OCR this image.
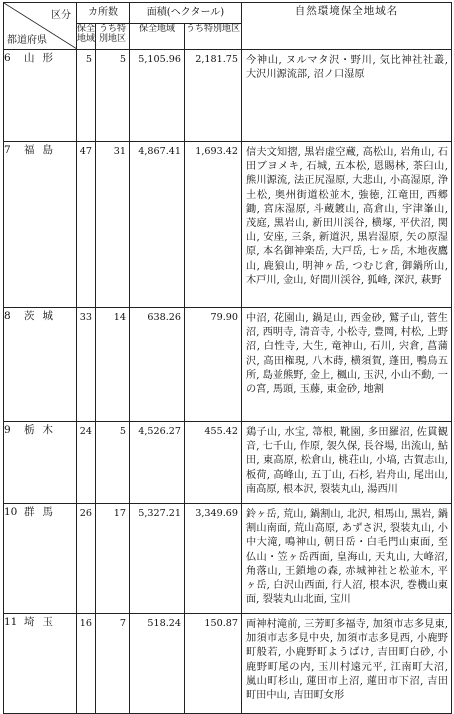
区分
都道府県	カ所数		面積(ヘクタール)		自然環境保全地域名
	保全地域	うち特別地区	保全地域	うち特別地区	
6 山形	5	5	5,105.96	2,181.75	今神山, ヌルマタ沢・野川, 気比神社社叢, 大沢川源流部, 沼ノ口湿原
7 福島	47	31	4,867.41	1,693.42	信夫文知摺, 黒岩虚空蔵, 高松山, 岩角山, 石田ブヨメキ, 石城, 五本松, 恩賜林, 茶臼山, 熊川源流, 法正尻湿原, 大悲山, 小高湿原, 浄土松, 奥州街道松並木, 強徳, 江竜田, 西郷鋤, 宮床湿原, 斗蔵鍍山, 高倉山, 宇津峯山, 茂庭, 黒岩山, 新田川渓谷, 横塚, 平伏沼, 関山, 安座, 三条, 新道沢, 黒岩湿原, 矢の原湿原, 本名御神楽岳, 大戸岳, 七ヶ岳, 木地夜鷹山, 鹿狼山, 明神ヶ岳, つむじ倉, 御鍋所山, 木戸川, 金山, 好間川渓谷, 狐峰, 深沢, 萩野
8 茨城	33	14	638.26	79.90	中沼, 花園山, 鍋足山, 西金砂, 鷲子山, 菅生沼, 西明寺, 清音寺, 小松寺, 豊岡, 村松, 上野沼, 白性寺, 大生, 竜神山, 石川, 宍倉, 菖蒲沢, 高田権現, 八木蒔, 横須賀, 蓬田, 鴨鳥五所, 島並熊野, 金上, 楓山, 玉沢, 小山不動, 一の宮, 馬頭, 玉藤, 東金砂, 地割
9 栃木	24	5	4,526.27	455.42	鶏子山, 水宝, 箒根, 靴園, 多田羅沼, 佐貫観音, 七千山, 作原, 袈久保, 長谷場, 出流山, 鮎田, 東高原, 松倉山, 桃荘山, 小塙, 古賀志山, 板荷, 高峰山, 五丁山, 石杉, 岩舟山, 尾出山, 南高原, 根本沢, 裂装丸山, 湯西川
10 群馬	26	17	5,327.21	3,349.69	鈴ヶ岳, 荒山, 鍋割山, 北沢, 相馬山, 黒岩, 鍋割山南面, 荒山高原, あずさ沢, 裂装丸山, 小中大滝, 鳴神山, 朝日岳・白毛門山東面, 至仏山・笠ヶ岳西面, 皇海山, 天丸山, 大峰沼, 角落山, 王鎖地の森, 赤城神社と松並木, 平ヶ岳, 白沢山西面, 行人沼, 根本沢, 巻機山東面, 裂装丸山北面, 宝川
11 埼玉	16	7	518.24	150.87	両神村滝前, 三芳町多福寺, 加須市志多見東, 加須市志多見中央, 加須市志多見西, 小鹿野町般若, 小鹿野町ようばけ, 吉田町白砂, 小鹿野町尾の内, 玉川村遠元平, 江南町大沼, 嵐山町杉山, 蓮田市上沼, 蓮田市下沼, 吉田町田中山, 吉田町女形
